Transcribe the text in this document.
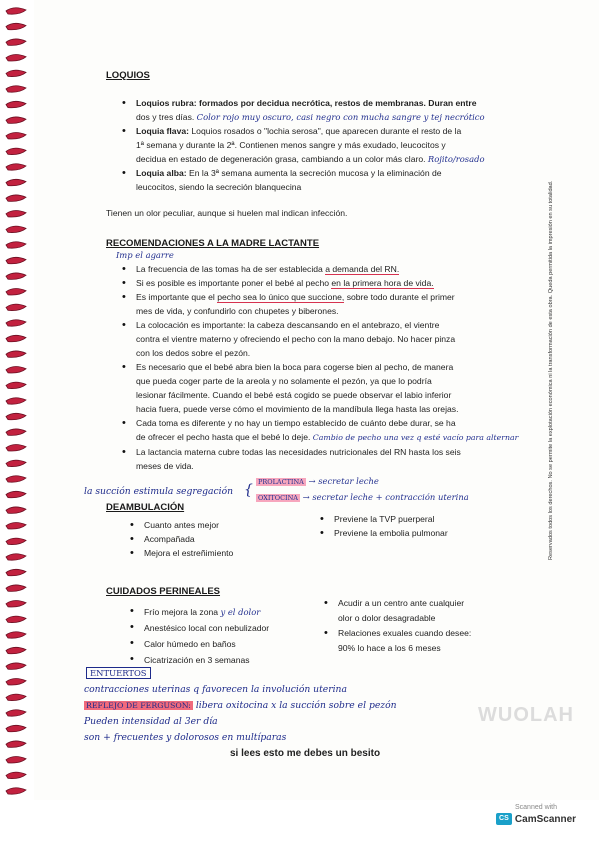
LOQUIOS
• Loquios rubra: formados por decidua necrótica, restos de membranas. Duran entre
dos y tres días. Color rojo muy oscuro, casi negro con mucha sangre y tej necrótico
• Loquia flava: Loquios rosados o "lochia serosa", que aparecen durante el resto de la
1ª semana y durante la 2ª. Contienen menos sangre y más exudado, leucocitos y
decidua en estado de degeneración grasa, cambiando a un color más claro. Rojito/rosado
• Loquia alba: En la 3ª semana aumenta la secreción mucosa y la eliminación de
leucocitos, siendo la secreción blanquecina
Tienen un olor peculiar, aunque si huelen mal indican infección.
RECOMENDACIONES A LA MADRE LACTANTE
Imp el agarre
• La frecuencia de las tomas ha de ser establecida a demanda del RN.
• Si es posible es importante poner el bebé al pecho en la primera hora de vida.
• Es importante que el pecho sea lo único que succione, sobre todo durante el primer
mes de vida, y confundirlo con chupetes y biberones.
• La colocación es importante: la cabeza descansando en el antebrazo, el vientre
contra el vientre materno y ofreciendo el pecho con la mano debajo. No hacer pinza
con los dedos sobre el pezón.
• Es necesario que el bebé abra bien la boca para cogerse bien al pecho, de manera
que pueda coger parte de la areola y no solamente el pezón, ya que lo podría
lesionar fácilmente. Cuando el bebé está cogido se puede observar el labio inferior
hacia fuera, puede verse cómo el movimiento de la mandíbula llega hasta las orejas.
• Cada toma es diferente y no hay un tiempo establecido de cuánto debe durar, se ha
de ofrecer el pecho hasta que el bebé lo deje. Cambio de pecho una vez q esté vacío para alternar
• La lactancia materna cubre todas las necesidades nutricionales del RN hasta los seis
meses de vida.
la succión estimula segregación { PROLACTINA → secretar leche
OXITOCINA → secretar leche + contracción uterina
DEAMBULACIÓN
• Cuanto antes mejor
• Acompañada
• Mejora el estreñimiento
• Previene la TVP puerperal
• Previene la embolia pulmonar
CUIDADOS PERINEALES
• Frío mejora la zona y el dolor
• Anestésico local con nebulizador
• Calor húmedo en baños
• Cicatrización en 3 semanas
• Acudir a un centro ante cualquier
olor o dolor desagradable
• Relaciones exuales cuando desee:
90% lo hace a los 6 meses
ENTUERTOS
contracciones uterinas q favorecen la involución uterina
REFLEJO DE FERGUSON: libera oxitocina x la succión sobre el pezón
Pueden intensidad al 3er día
son + frecuentes y dolorosos en multíparas
si lees esto me debes un besito
WUOLAH
Reservados todos los derechos. No se permite la explotación económica ni la transformación de esta obra. Queda permitida la impresión en su totalidad.
Scanned with
CS CamScanner
